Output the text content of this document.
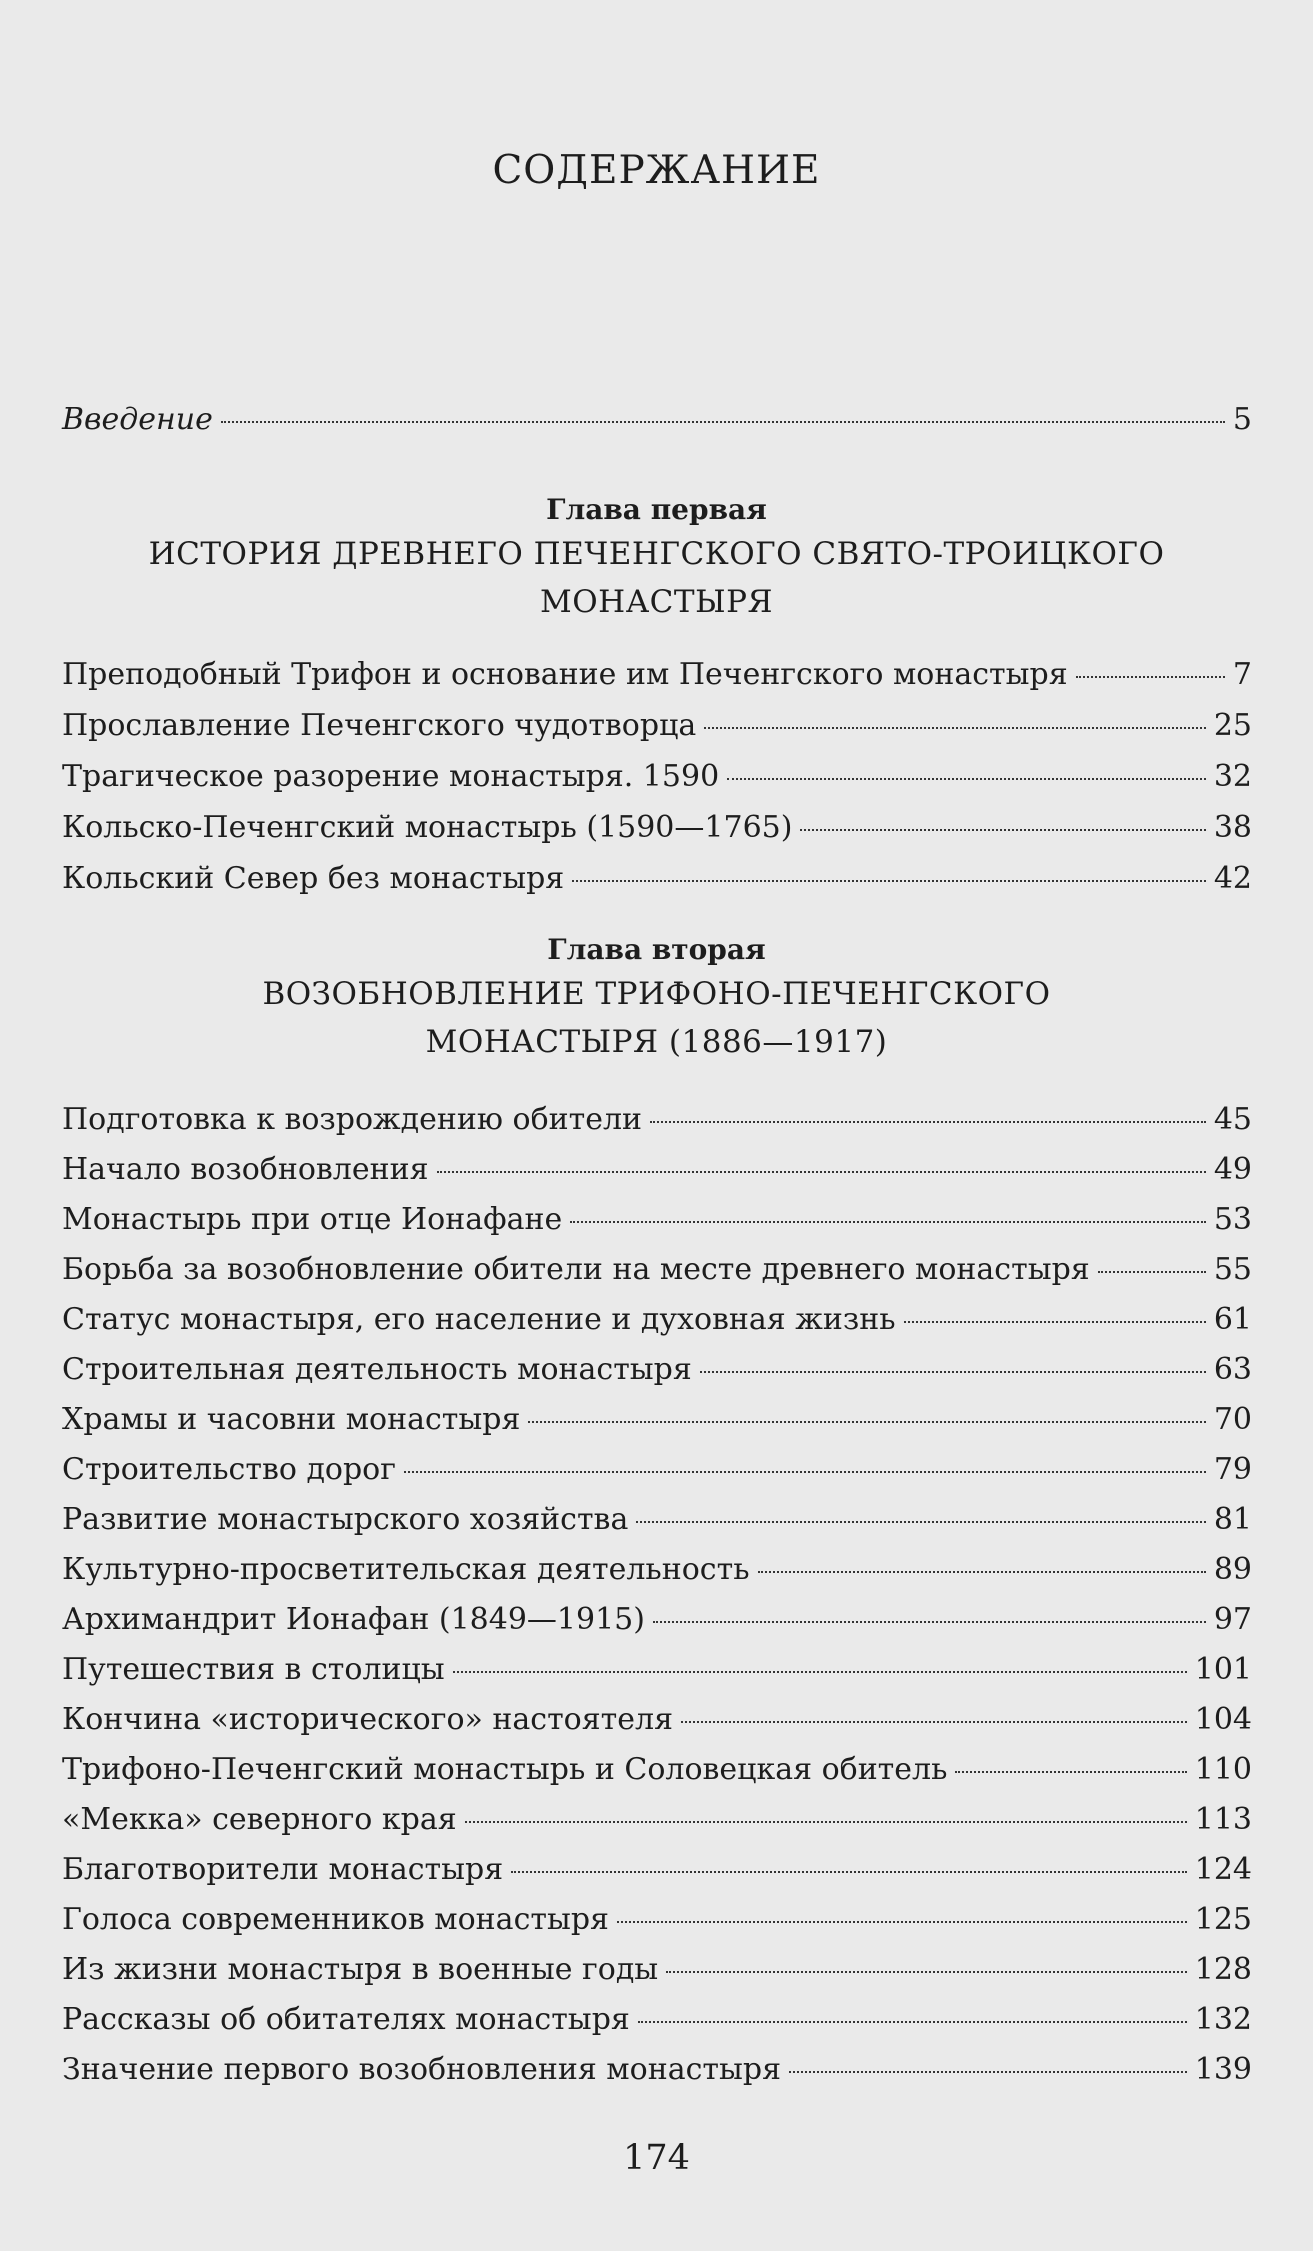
СОДЕРЖАНИЕ
Введение	5
Глава первая
ИСТОРИЯ ДРЕВНЕГО ПЕЧЕНГСКОГО СВЯТО-ТРОИЦКОГО
МОНАСТЫРЯ
Преподобный Трифон и основание им Печенгского монастыря	7
Прославление Печенгского чудотворца	25
Трагическое разорение монастыря. 1590	32
Кольско-Печенгский монастырь (1590—1765)	38
Кольский Север без монастыря	42
Глава вторая
ВОЗОБНОВЛЕНИЕ ТРИФОНО-ПЕЧЕНГСКОГО
МОНАСТЫРЯ (1886—1917)
Подготовка к возрождению обители	45
Начало возобновления	49
Монастырь при отце Ионафане	53
Борьба за возобновление обители на месте древнего монастыря	55
Статус монастыря, его население и духовная жизнь	61
Строительная деятельность монастыря	63
Храмы и часовни монастыря	70
Строительство дорог	79
Развитие монастырского хозяйства	81
Культурно-просветительская деятельность	89
Архимандрит Ионафан (1849—1915)	97
Путешествия в столицы	101
Кончина «исторического» настоятеля	104
Трифоно-Печенгский монастырь и Соловецкая обитель	110
«Мекка» северного края	113
Благотворители монастыря	124
Голоса современников монастыря	125
Из жизни монастыря в военные годы	128
Рассказы об обитателях монастыря	132
Значение первого возобновления монастыря	139
174
